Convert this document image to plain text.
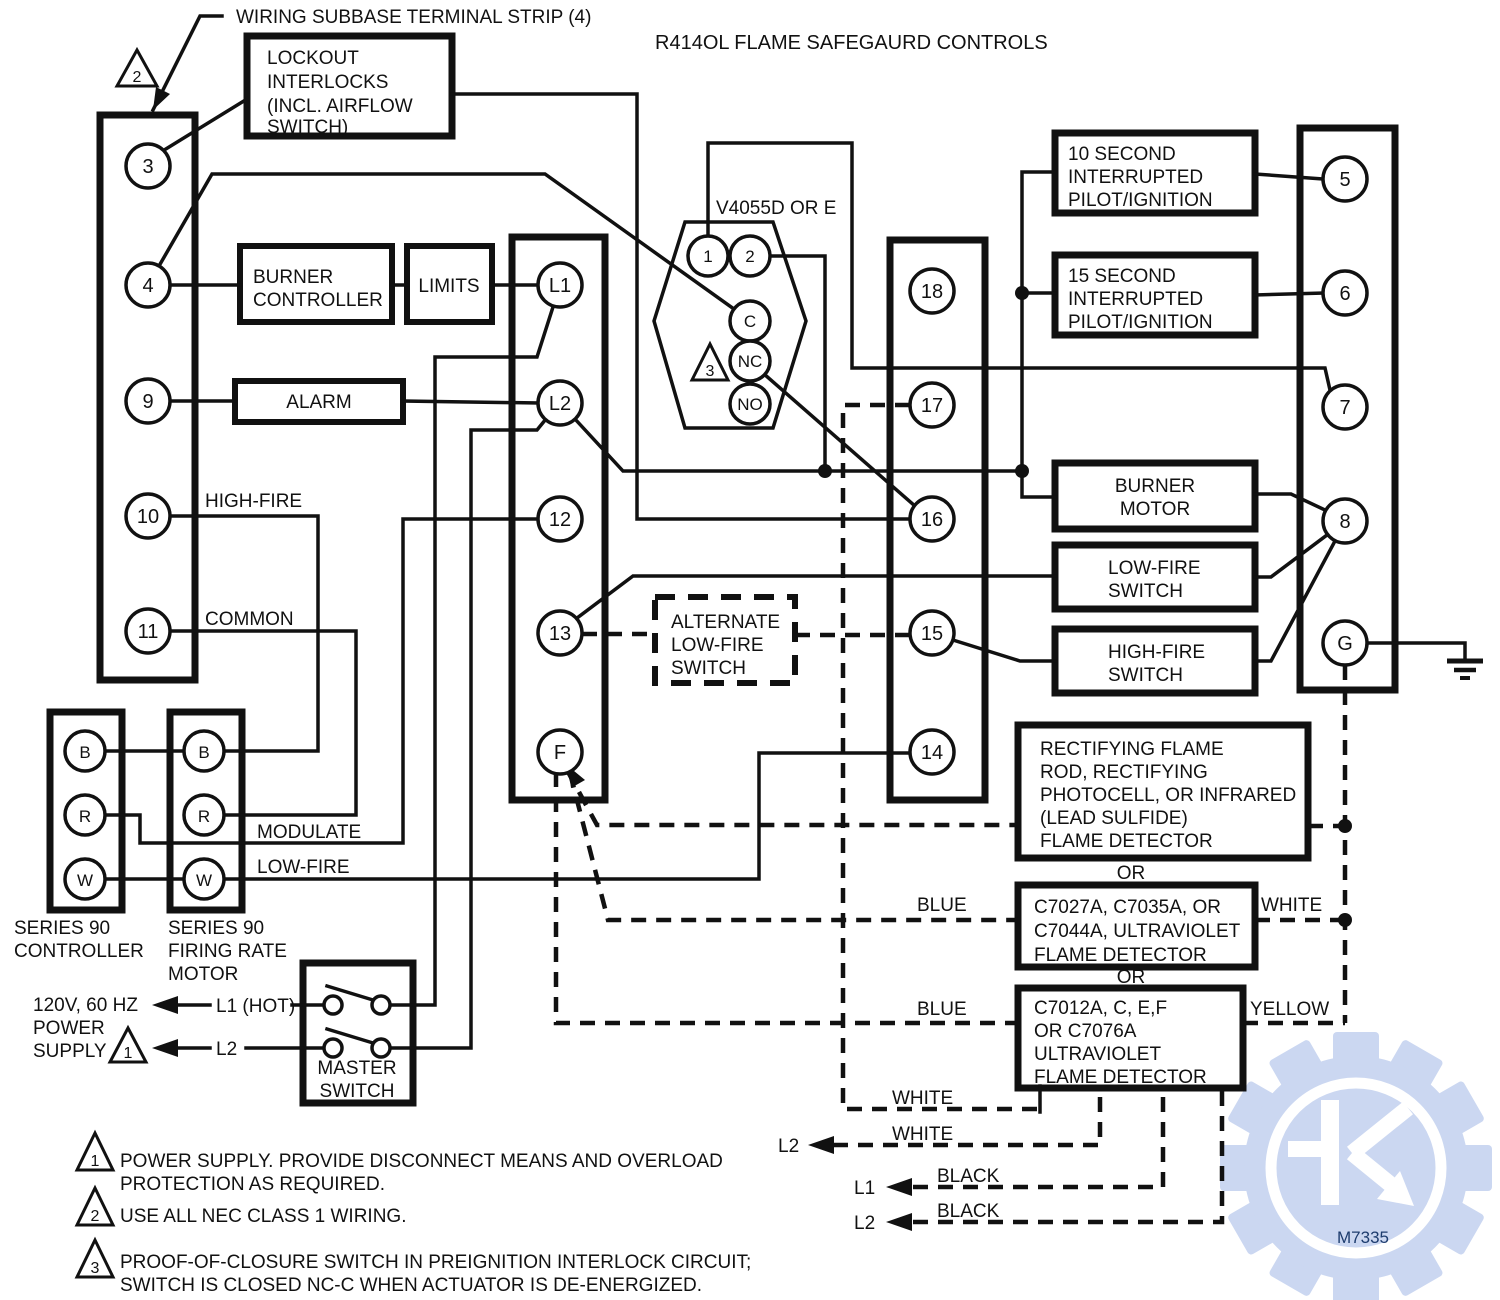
M7335
3
4
9
10
11
L1
L2
12
13
F
18
17
16
15
14
5
6
7
8
G
1 2
C
NC
NO
B
R
W
B
R
W
2
3
1
1
2
3
R414OL FLAME SAFEGAURD CONTROLS
WIRING SUBBASE TERMINAL STRIP (4)
V4055D OR E
LOCKOUT
INTERLOCKS
(INCL. AIRFLOW
SWITCH)
BURNER
CONTROLLER
LIMITS
ALARM
10 SECOND
INTERRUPTED
PILOT/IGNITION
15 SECOND
INTERRUPTED
PILOT/IGNITION
BURNER
MOTOR
LOW-FIRE
SWITCH
HIGH-FIRE
SWITCH
ALTERNATE
LOW-FIRE
SWITCH
RECTIFYING FLAME
ROD, RECTIFYING
PHOTOCELL, OR INFRARED
(LEAD SULFIDE)
FLAME DETECTOR
C7027A, C7035A, OR
C7044A, ULTRAVIOLET
FLAME DETECTOR
C7012A, C, E,F
OR C7076A
ULTRAVIOLET
FLAME DETECTOR
MASTER
SWITCH
HIGH-FIRE
COMMON
MODULATE
LOW-FIRE
SERIES 90
CONTROLLER
SERIES 90
FIRING RATE
MOTOR
120V, 60 HZ
POWER
SUPPLY
L1 (HOT)
L2
OR
OR
BLUE
BLUE
WHITE
YELLOW
WHITE
WHITE
BLACK
BLACK
L2
L1
L2
POWER SUPPLY. PROVIDE DISCONNECT MEANS AND OVERLOAD
PROTECTION AS REQUIRED.
USE ALL NEC CLASS 1 WIRING.
PROOF-OF-CLOSURE SWITCH IN PREIGNITION INTERLOCK CIRCUIT;
SWITCH IS CLOSED NC-C WHEN ACTUATOR IS DE-ENERGIZED.
